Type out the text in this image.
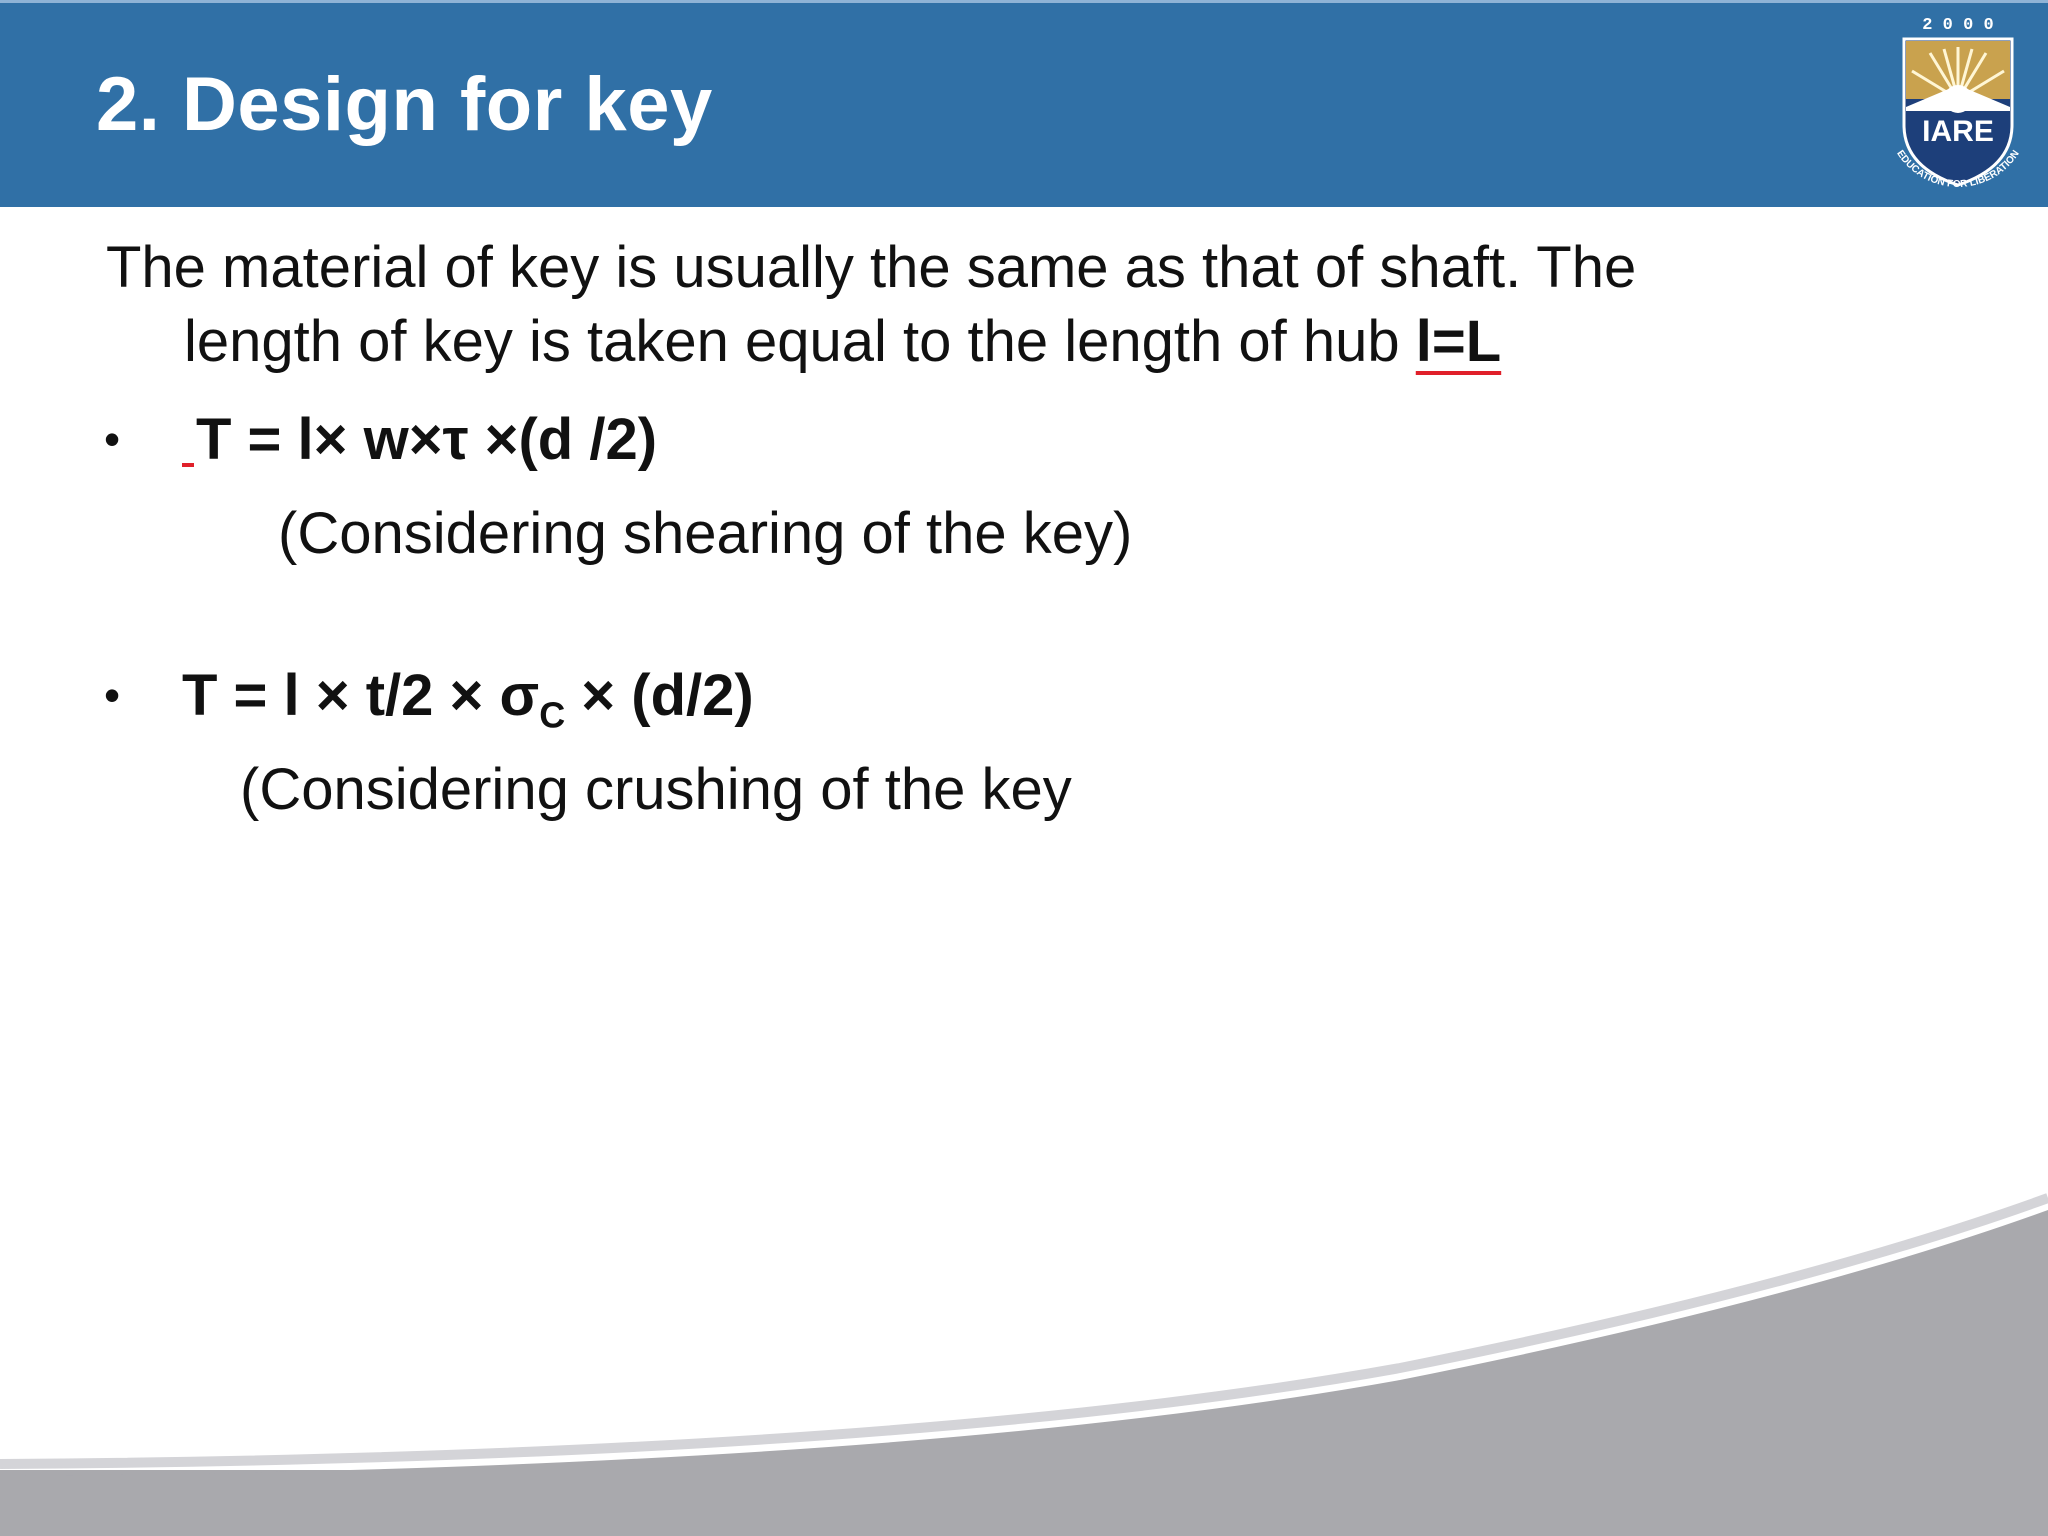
2. Design for key
2 0 0 0
IARE
EDUCATION FOR LIBERATION
The material of key is usually the same as that of shaft. The
length of key is taken equal to the length of hub l=L
• T = l× w×τ ×(d /2)
(Considering shearing of the key)
• $T = l \times t/2 \times \sigma_C \times (d/2)$
(Considering crushing of the key
